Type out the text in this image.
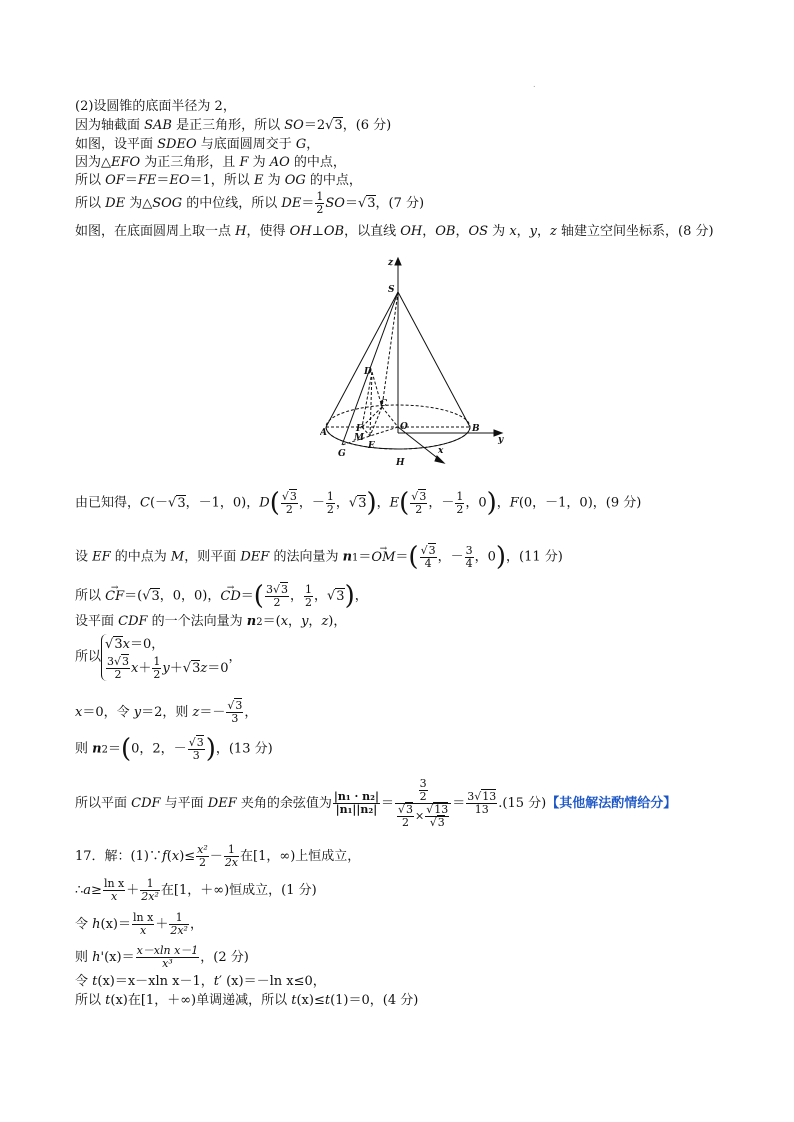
.
(2)设圆锥的底面半径为 2，
因为轴截面 SAB 是正三角形，所以 SO＝2√3，(6 分)
如图，设平面 SDEO 与底面圆周交于 G，
因为△EFO 为正三角形，且 F 为 AO 的中点，
所以 OF＝FE＝EO＝1，所以 E 为 OG 的中点，
所以 DE 为△SOG 的中位线，所以 $DE= \frac{1}{2} SO=√3$，(7 分)
如图，在底面圆周上取一点 H，使得 OH⊥OB，以直线 OH，OB，OS 为 x，y，z 轴建立空间坐标系，(8 分)
z
S
D
C
A	F	O	B
y
M
E
G
H
x
由已知得，C(－√3，－1，0)，$D( \frac{√3}{2}$ ，－ $\frac{1}{2}$ ，√3)，$E( \frac{√3}{2}$ ，－ $\frac{1}{2}$ ，0)，F(0，－1，0)，(9 分)
设 EF 的中点为 M，则平面 DEF 的法向量为 $n1=\to OM=( \frac{√3}{4}$ ，－ $\frac{3}{4}$ ，0)，(11 分)
所以 → CF＝(√3，0，0)，→ $CD=( \frac{3√3}{2}$ ， $\frac{1}{2}$ ，√3)，
设平面 CDF 的一个法向量为 n2＝(x，y，z)，
所以
√3x＝0，
$\frac{3√3}{2} x+ \frac{1}{2} y+√3z=0$
，
x＝0，令 y＝2，则 $z=- \frac{√3}{3}$ ，
则 n2＝(0，2，－ $\frac{√3}{3}$ )，(13 分)
所以平面 CDF 与平面 DEF 夹角的余弦值为 $\frac{\text{|n₁ · n₂|}}{\text{|n₁||n₂|}} = \frac{\frac{3}{2}}{\frac{√3}{2} \times \frac{√13}{√3}} = \frac{3√13}{13} .(15$ 分)【其他解法酌情给分】
17．解：(1)∵f(x)≤ $\frac{\text{x²}}{2} - \frac{1}{2x}$ 在[1，∞)上恒成立，
∴a≥ $\frac{\text{ln x}}{x} + \frac{1}{\text{2x²}}$ 在[1，＋∞)恒成立，(1 分)
令 $h(x)= \frac{\text{ln x}}{x} + \frac{1}{\text{2x²}}$ ，
则 $h'(x)= \frac{\text{x－xln x－1}}{\text{x³}}$ ，(2 分)
令 t(x)＝x－xln x－1，t′ (x)＝－ln x≤0，
所以 t(x)在[1，＋∞)单调递减，所以 t(x)≤t(1)＝0，(4 分)
